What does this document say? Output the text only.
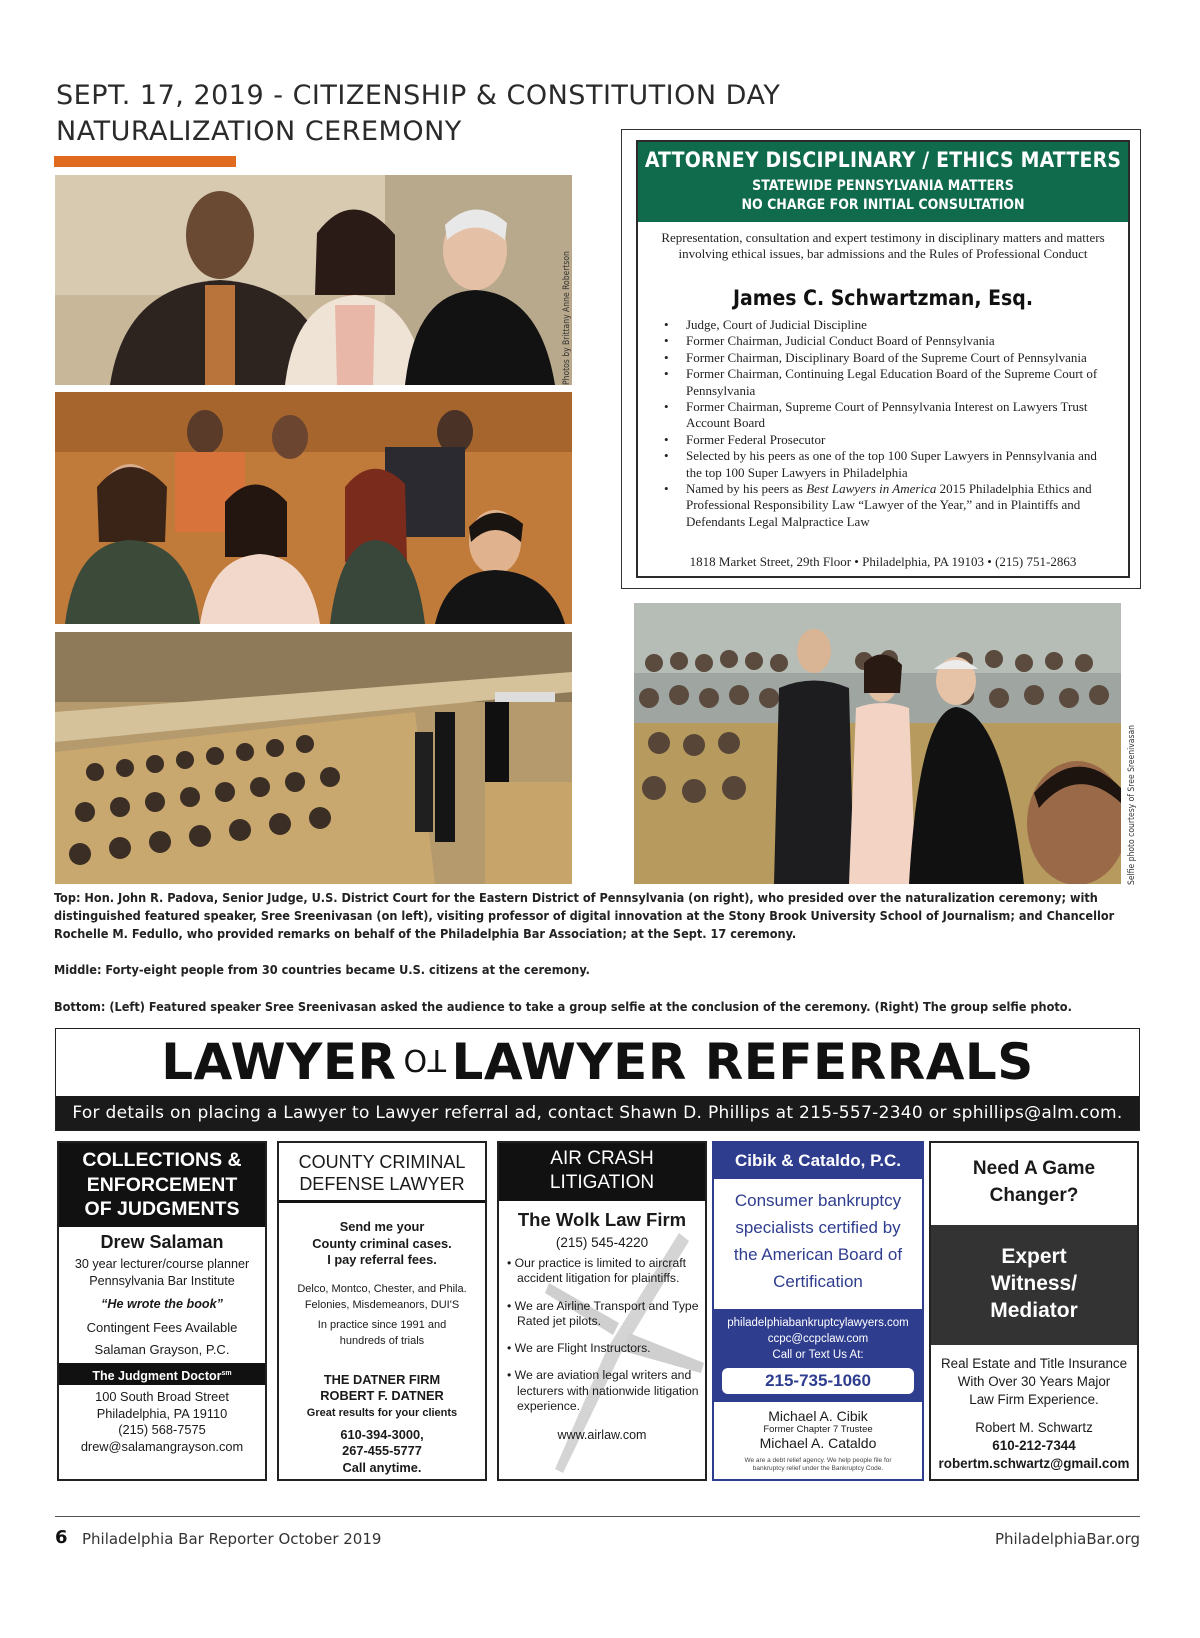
SEPT. 17, 2019 - CITIZENSHIP & CONSTITUTION DAY NATURALIZATION CEREMONY
Photos by Brittany Anne Robertson
Selfie photo courtesy of Sree Sreenivasan
ATTORNEY DISCIPLINARY / ETHICS MATTERS
STATEWIDE PENNSYLVANIA MATTERS
NO CHARGE FOR INITIAL CONSULTATION
Representation, consultation and expert testimony in disciplinary matters and matters involving ethical issues, bar admissions and the Rules of Professional Conduct
James C. Schwartzman, Esq.
• Judge, Court of Judicial Discipline
• Former Chairman, Judicial Conduct Board of Pennsylvania
• Former Chairman, Disciplinary Board of the Supreme Court of Pennsylvania
• Former Chairman, Continuing Legal Education Board of the Supreme Court of Pennsylvania
• Former Chairman, Supreme Court of Pennsylvania Interest on Lawyers Trust Account Board
• Former Federal Prosecutor
• Selected by his peers as one of the top 100 Super Lawyers in Pennsylvania and the top 100 Super Lawyers in Philadelphia
• Named by his peers as Best Lawyers in America 2015 Philadelphia Ethics and Professional Responsibility Law “Lawyer of the Year,” and in Plaintiffs and Defendants Legal Malpractice Law
1818 Market Street, 29th Floor • Philadelphia, PA 19103 • (215) 751-2863
Top: Hon. John R. Padova, Senior Judge, U.S. District Court for the Eastern District of Pennsylvania (on right), who presided over the naturalization ceremony; with distinguished featured speaker, Sree Sreenivasan (on left), visiting professor of digital innovation at the Stony Brook University School of Journalism; and Chancellor Rochelle M. Fedullo, who provided remarks on behalf of the Philadelphia Bar Association; at the Sept. 17 ceremony.
Middle: Forty-eight people from 30 countries became U.S. citizens at the ceremony.
Bottom: (Left) Featured speaker Sree Sreenivasan asked the audience to take a group selfie at the conclusion of the ceremony. (Right) The group selfie photo.
LAWYER TO LAWYER REFERRALS
For details on placing a Lawyer to Lawyer referral ad, contact Shawn D. Phillips at 215-557-2340 or sphillips@alm.com.
COLLECTIONS &
ENFORCEMENT
OF JUDGMENTS
Drew Salaman
30 year lecturer/course planner
Pennsylvania Bar Institute
“He wrote the book”
Contingent Fees Available
Salaman Grayson, P.C.
The Judgment Doctor$^{sm}$
100 South Broad Street
Philadelphia, PA 19110
(215) 568-7575
drew@salamangrayson.com
COUNTY CRIMINAL
DEFENSE LAWYER
Send me your
County criminal cases.
I pay referral fees.
Delco, Montco, Chester, and Phila.
Felonies, Misdemeanors, DUI'S
In practice since 1991 and
hundreds of trials
THE DATNER FIRM
ROBERT F. DATNER
Great results for your clients
610-394-3000,
267-455-5777
Call anytime.
AIR CRASH
LITIGATION
The Wolk Law Firm
(215) 545-4220
• Our practice is limited to aircraft accident litigation for plaintiffs.
• We are Airline Transport and Type Rated jet pilots.
• We are Flight Instructors.
• We are aviation legal writers and lecturers with nationwide litigation experience.
www.airlaw.com
Cibik & Cataldo, P.C.
Consumer bankruptcy
specialists certified by
the American Board of
Certification
philadelphiabankruptcylawyers.com
ccpc@ccpclaw.com
Call or Text Us At:
215-735-1060
Michael A. Cibik
Former Chapter 7 Trustee
Michael A. Cataldo
We are a debt relief agency. We help people file for bankruptcy relief under the Bankruptcy Code.
Need A Game
Changer?
Expert
Witness/
Mediator
Real Estate and Title Insurance
With Over 30 Years Major
Law Firm Experience.
Robert M. Schwartz
610-212-7344
robertm.schwartz@gmail.com
6 Philadelphia Bar Reporter October 2019	PhiladelphiaBar.org
